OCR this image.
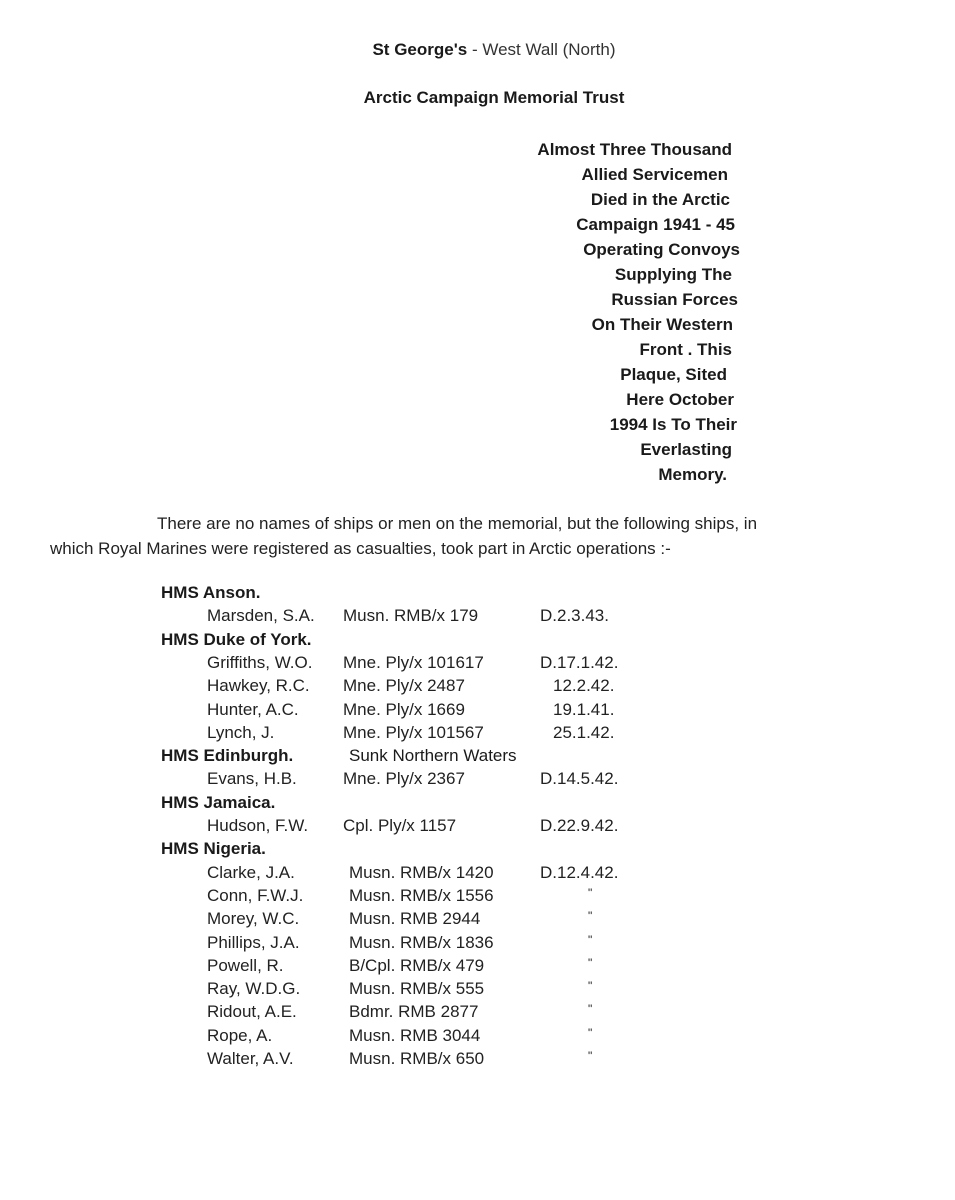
St George's - West Wall (North)
Arctic Campaign Memorial Trust
Almost Three Thousand
Allied Servicemen
Died in the Arctic
Campaign 1941 - 45
Operating Convoys
Supplying The
Russian Forces
On Their Western
Front . This
Plaque, Sited
Here October
1994 Is To Their
Everlasting
Memory.
There are no names of ships or men on the memorial, but the following ships, in
which Royal Marines were registered as casualties, took part in Arctic operations :-
HMS Anson.
Marsden, S.A. Musn. RMB/x 179	D.2.3.43.
HMS Duke of York.
Griffiths, W.O. Mne. Ply/x 101617	D.17.1.42.
Hawkey, R.C. Mne. Ply/x 2487	12.2.42.
Hunter, A.C.	Mne. Ply/x 1669	19.1.41.
Lynch, J.	Mne. Ply/x 101567	25.1.42.
HMS Edinburgh.	Sunk Northern Waters
Evans, H.B.	Mne. Ply/x 2367	D.14.5.42.
HMS Jamaica.
Hudson, F.W. Cpl. Ply/x 1157	D.22.9.42.
HMS Nigeria.
Clarke, J.A.	Musn. RMB/x 1420	D.12.4.42.
Conn, F.W.J.	Musn. RMB/x 1556	"
Morey, W.C.	Musn. RMB 2944	"
Phillips, J.A.	Musn. RMB/x 1836	"
Powell, R.	B/Cpl. RMB/x 479	"
Ray, W.D.G.	Musn. RMB/x 555	"
Ridout, A.E.	Bdmr. RMB 2877	"
Rope, A.	Musn. RMB 3044	"
Walter, A.V.	Musn. RMB/x 650	"
